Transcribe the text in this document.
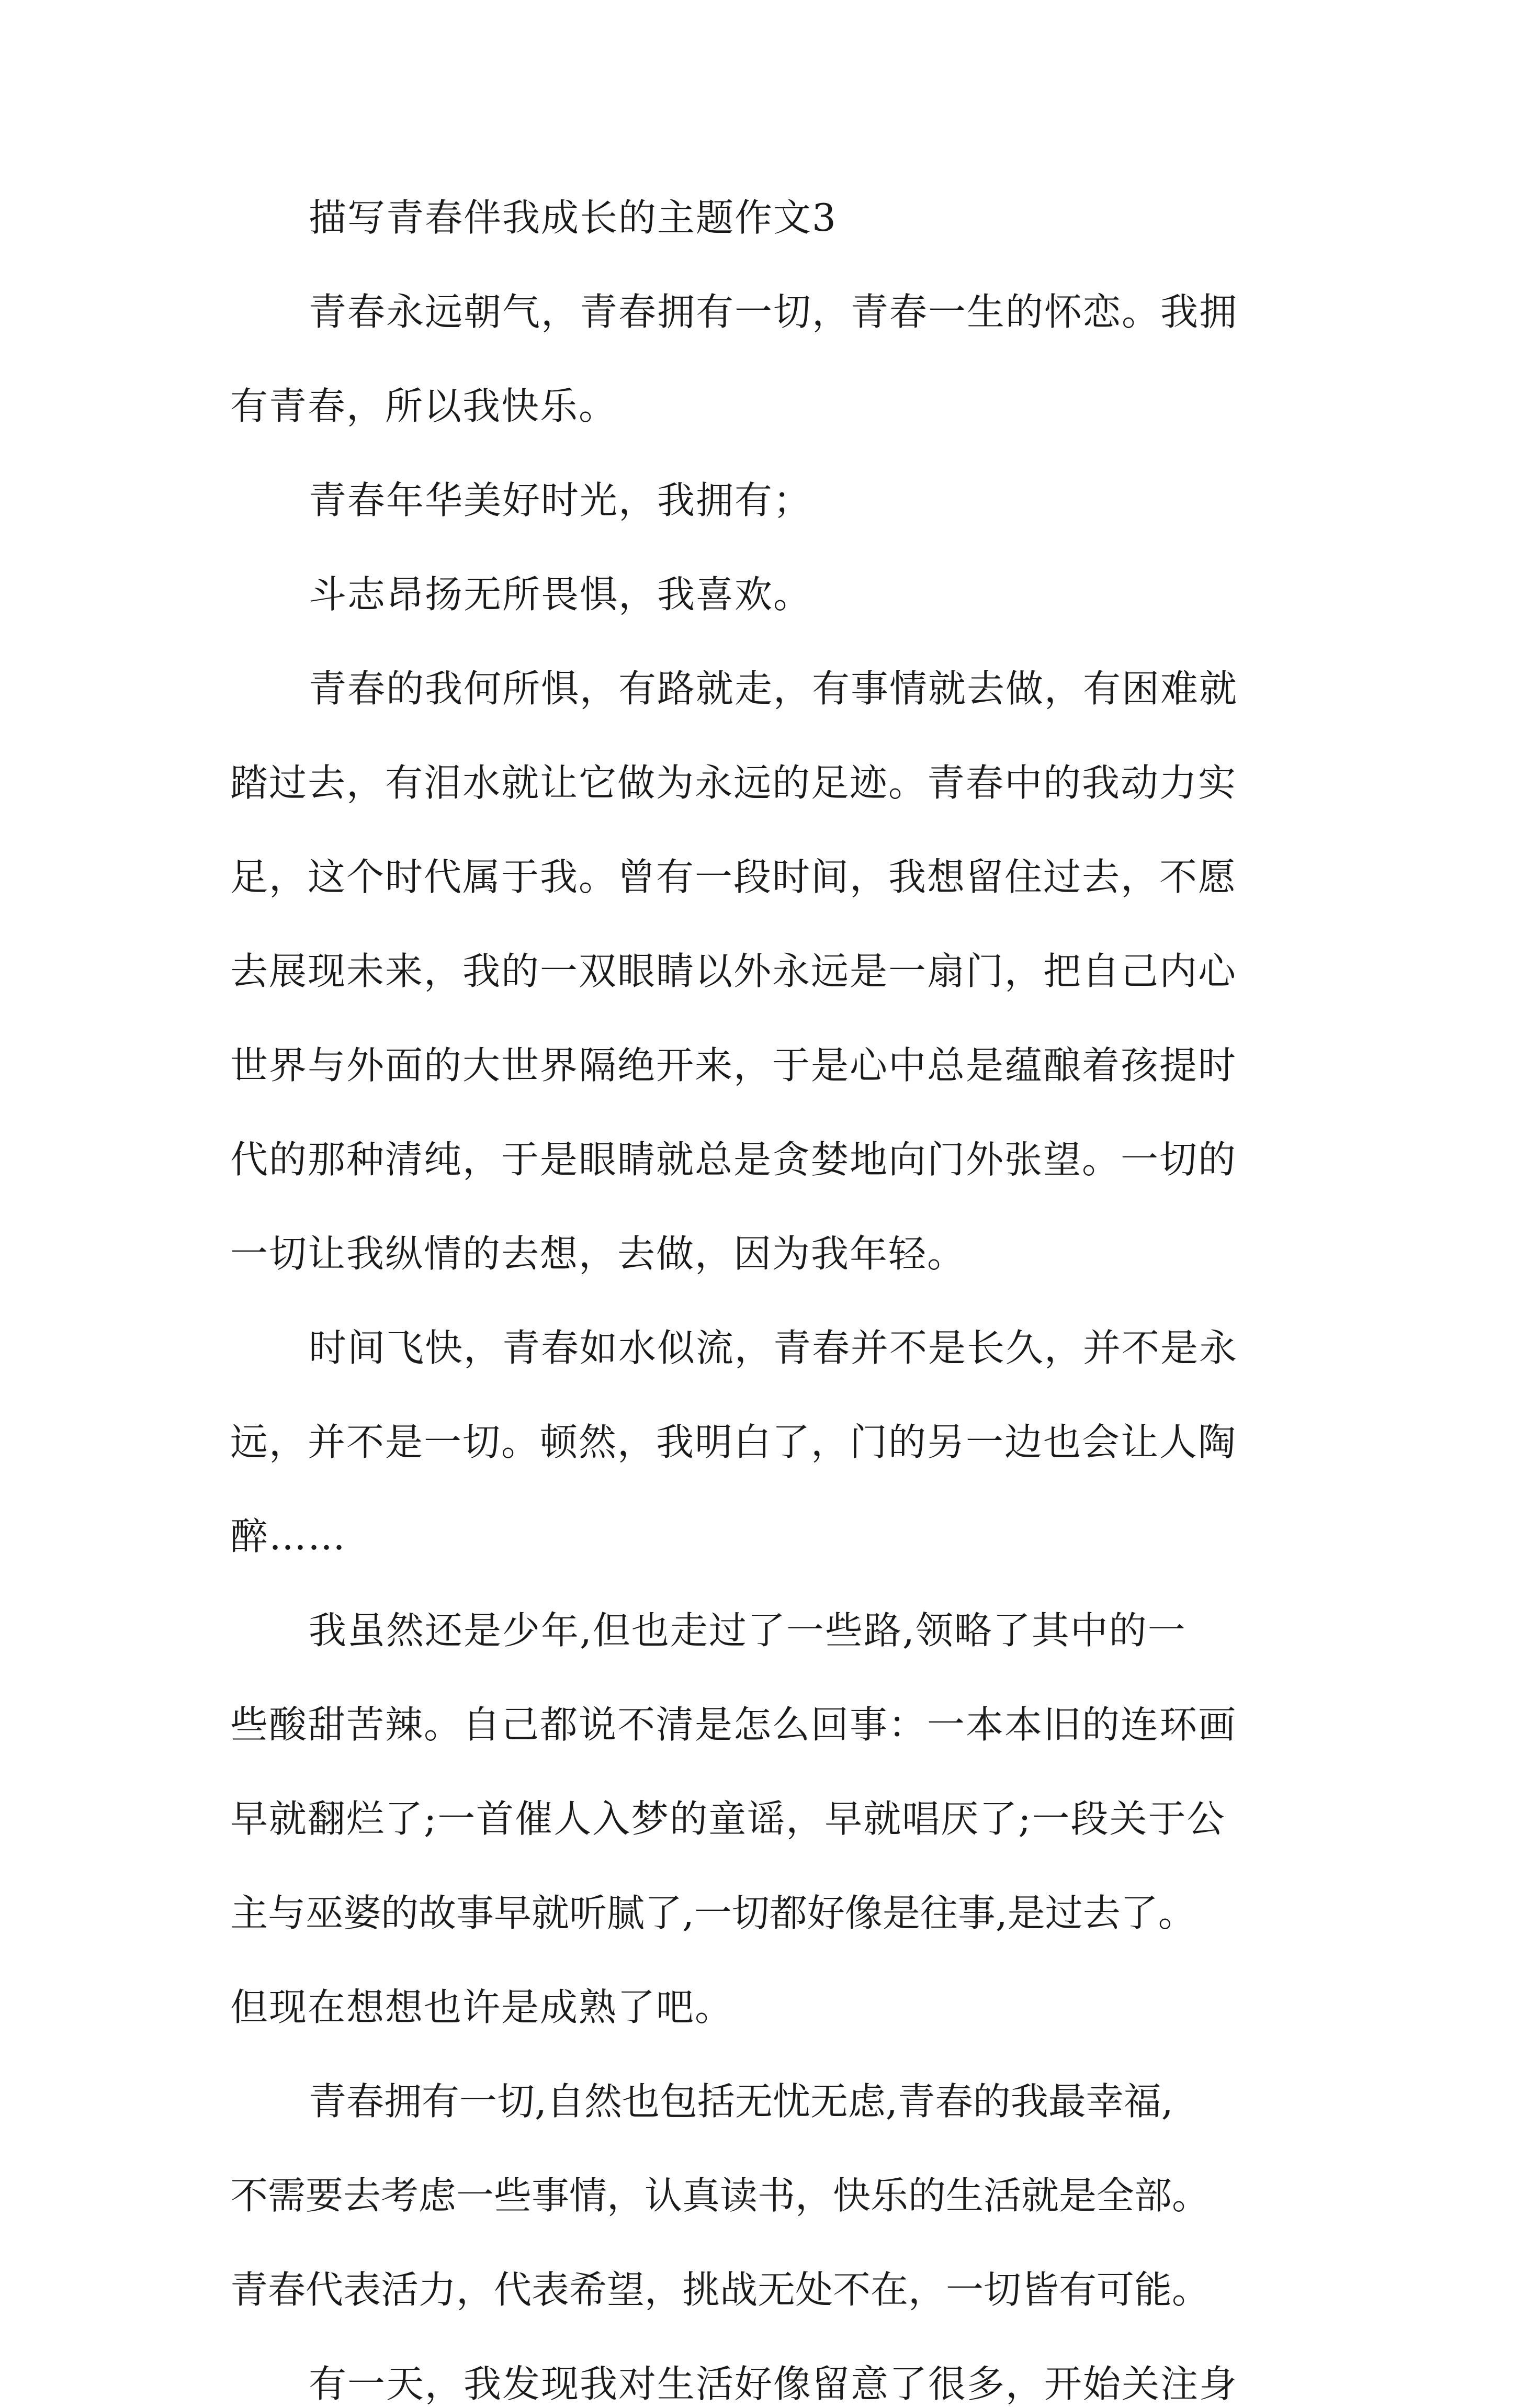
描写青春伴我成长的主题作文3
青春永远朝气，青春拥有一切，青春一生的怀恋。我拥
有青春，所以我快乐。
青春年华美好时光，我拥有；
斗志昂扬无所畏惧，我喜欢。
青春的我何所惧，有路就走，有事情就去做，有困难就
踏过去，有泪水就让它做为永远的足迹。青春中的我动力实
足，这个时代属于我。曾有一段时间，我想留住过去，不愿
去展现未来，我的一双眼睛以外永远是一扇门，把自己内心
世界与外面的大世界隔绝开来，于是心中总是蕴酿着孩提时
代的那种清纯，于是眼睛就总是贪婪地向门外张望。一切的
一切让我纵情的去想，去做，因为我年轻。
时间飞快，青春如水似流，青春并不是长久，并不是永
远，并不是一切。顿然，我明白了，门的另一边也会让人陶
醉……
我虽然还是少年,但也走过了一些路,领略了其中的一
些酸甜苦辣。自己都说不清是怎么回事：一本本旧的连环画
早就翻烂了;一首催人入梦的童谣，早就唱厌了;一段关于公
主与巫婆的故事早就听腻了,一切都好像是往事,是过去了。
但现在想想也许是成熟了吧。
青春拥有一切,自然也包括无忧无虑,青春的我最幸福,
不需要去考虑一些事情，认真读书，快乐的生活就是全部。
青春代表活力，代表希望，挑战无处不在，一切皆有可能。
有一天，我发现我对生活好像留意了很多，开始关注身
